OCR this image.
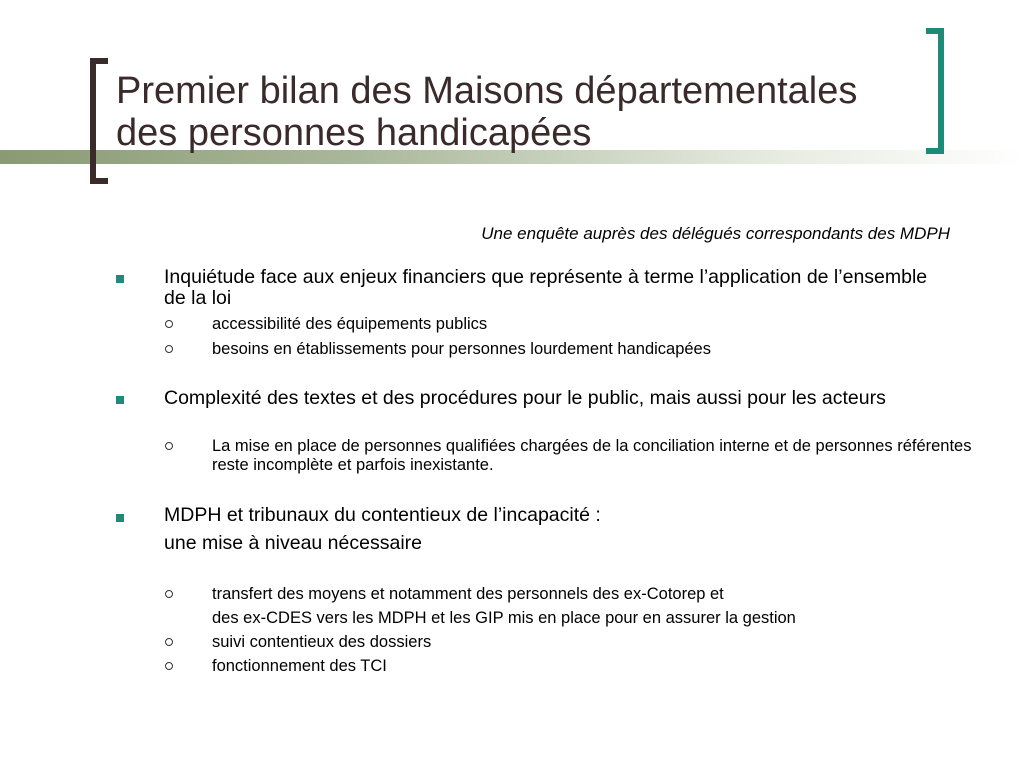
Premier bilan des Maisons départementales
des personnes handicapées
Une enquête auprès des délégués correspondants des MDPH
Inquiétude face aux enjeux financiers que représente à terme l’application de l’ensemble de la loi
accessibilité des équipements publics
besoins en établissements pour personnes lourdement handicapées
Complexité des textes et des procédures pour le public, mais aussi pour les acteurs
La mise en place de personnes qualifiées chargées de la conciliation interne et de personnes référentes reste incomplète et parfois inexistante.
MDPH et tribunaux du contentieux de l’incapacité :
une mise à niveau nécessaire
transfert des moyens et notamment des personnels des ex-Cotorep et
des ex-CDES vers les MDPH et les GIP mis en place pour en assurer la gestion
suivi contentieux des dossiers
fonctionnement des TCI
